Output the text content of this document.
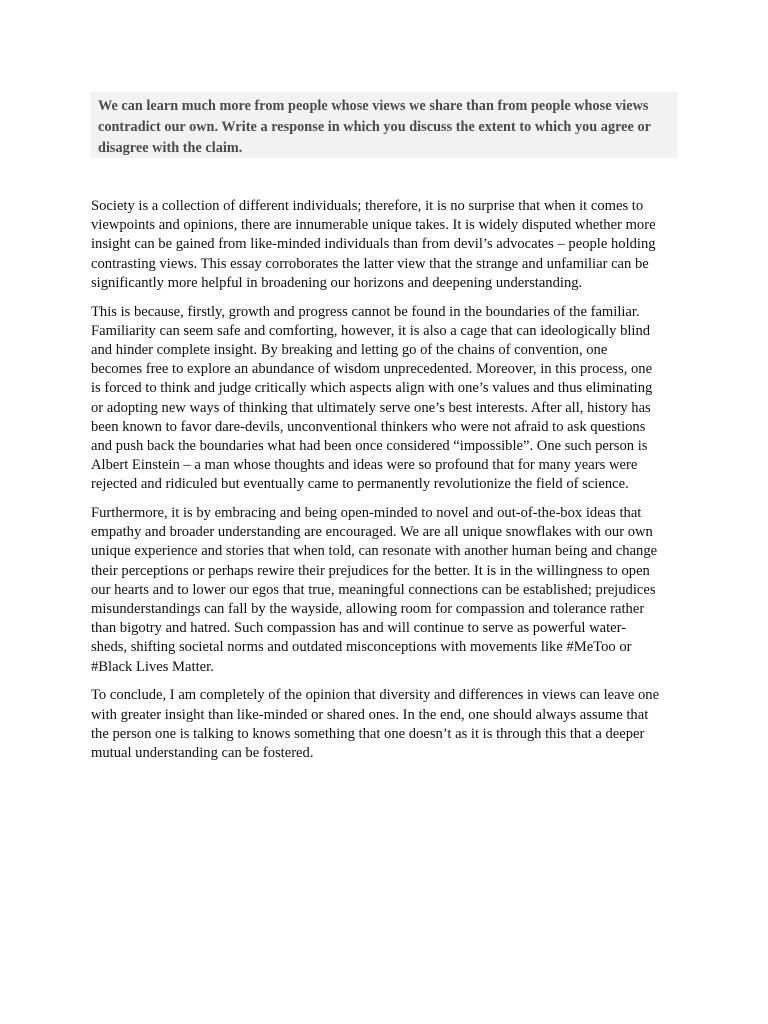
We can learn much more from people whose views we share than from people whose views
contradict our own. Write a response in which you discuss the extent to which you agree or
disagree with the claim.

Society is a collection of different individuals; therefore, it is no surprise that when it comes to
viewpoints and opinions, there are innumerable unique takes. It is widely disputed whether more
insight can be gained from like-minded individuals than from devil’s advocates – people holding
contrasting views. This essay corroborates the latter view that the strange and unfamiliar can be
significantly more helpful in broadening our horizons and deepening understanding.

This is because, firstly, growth and progress cannot be found in the boundaries of the familiar.
Familiarity can seem safe and comforting, however, it is also a cage that can ideologically blind
and hinder complete insight. By breaking and letting go of the chains of convention, one
becomes free to explore an abundance of wisdom unprecedented. Moreover, in this process, one
is forced to think and judge critically which aspects align with one’s values and thus eliminating
or adopting new ways of thinking that ultimately serve one’s best interests. After all, history has
been known to favor dare-devils, unconventional thinkers who were not afraid to ask questions
and push back the boundaries what had been once considered “impossible”. One such person is
Albert Einstein – a man whose thoughts and ideas were so profound that for many years were
rejected and ridiculed but eventually came to permanently revolutionize the field of science.

Furthermore, it is by embracing and being open-minded to novel and out-of-the-box ideas that
empathy and broader understanding are encouraged. We are all unique snowflakes with our own
unique experience and stories that when told, can resonate with another human being and change
their perceptions or perhaps rewire their prejudices for the better. It is in the willingness to open
our hearts and to lower our egos that true, meaningful connections can be established; prejudices
misunderstandings can fall by the wayside, allowing room for compassion and tolerance rather
than bigotry and hatred. Such compassion has and will continue to serve as powerful water-
sheds, shifting societal norms and outdated misconceptions with movements like #MeToo or
#Black Lives Matter.

To conclude, I am completely of the opinion that diversity and differences in views can leave one
with greater insight than like-minded or shared ones. In the end, one should always assume that
the person one is talking to knows something that one doesn’t as it is through this that a deeper
mutual understanding can be fostered.
